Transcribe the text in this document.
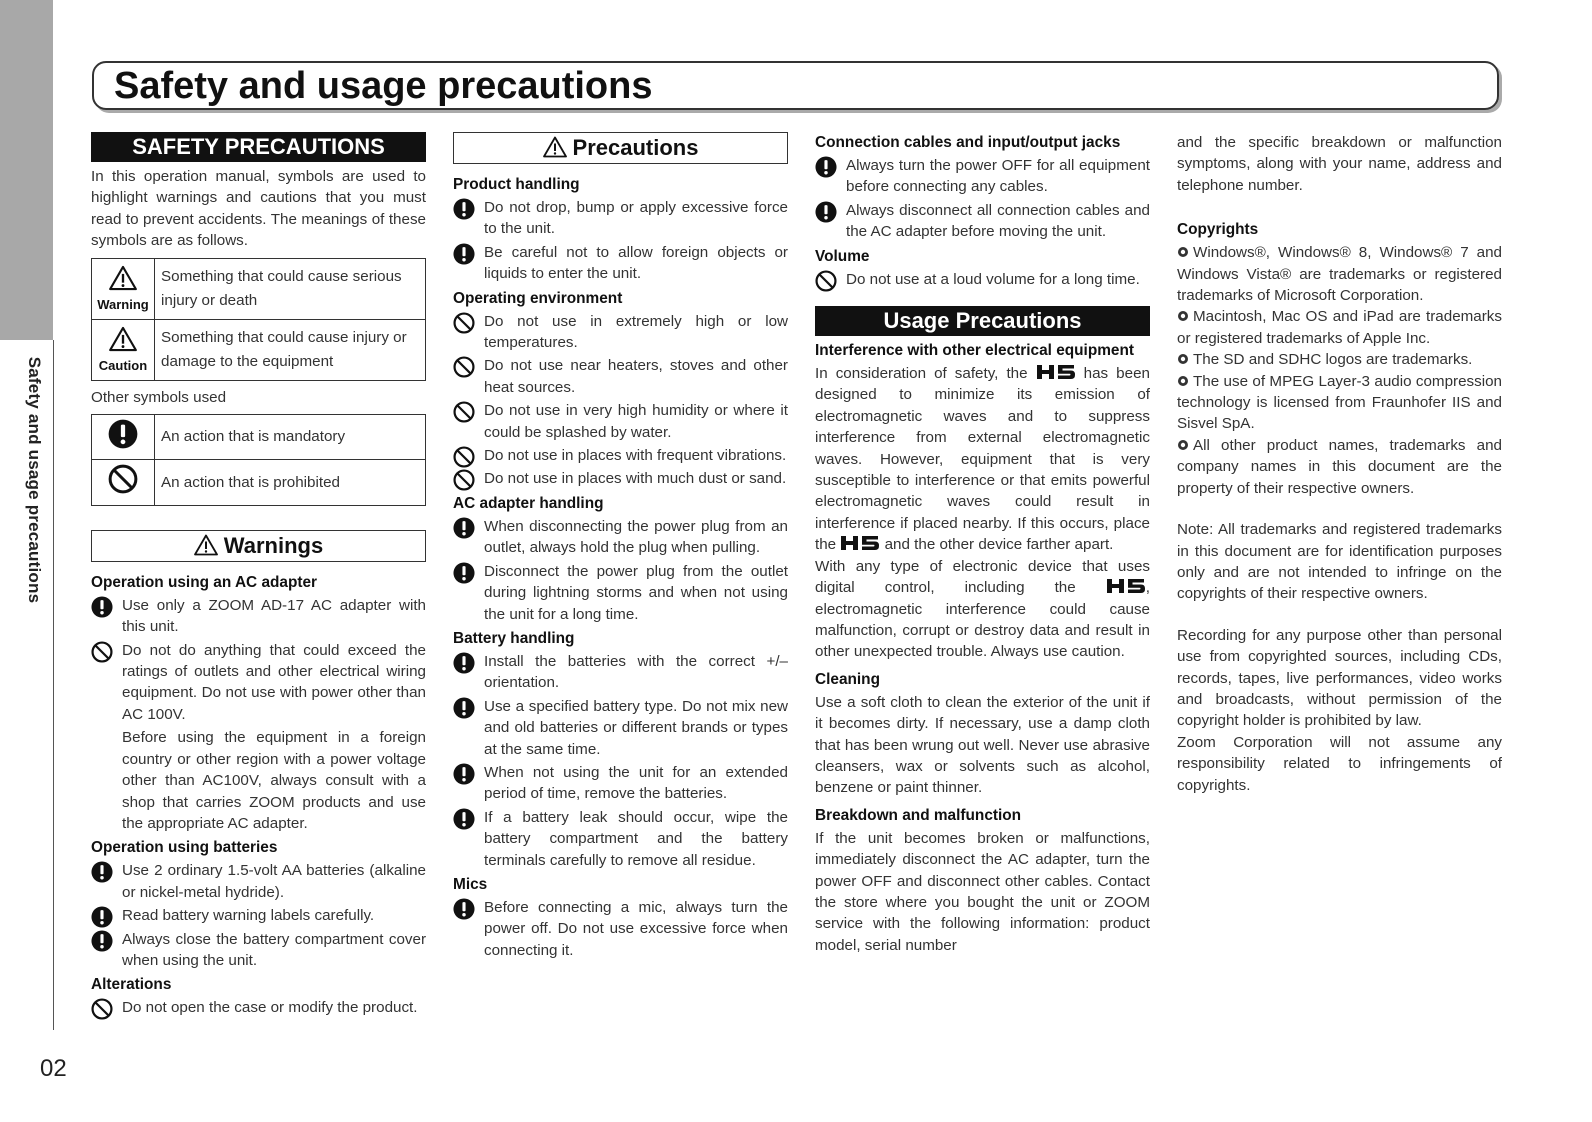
Safety and usage precautions
02
Safety and usage precautions
SAFETY PRECAUTIONS

In this operation manual, symbols are used to highlight warnings and cautions that you must read to prevent accidents. The meanings of these symbols are as follows.

Warning	Something that could cause serious injury or death

Caution	Something that could cause injury or damage to the equipment

Other symbols used

	An action that is mandatory
	An action that is prohibited
Warnings
Operation using an AC adapter
Use only a ZOOM AD-17 AC adapter with this unit.
Do not do anything that could exceed the ratings of outlets and other electrical wiring equipment. Do not use with power other than AC 100V.
Before using the equipment in a foreign country or other region with a power voltage other than AC100V, always consult with a shop that carries ZOOM products and use the appropriate AC adapter.
Operation using batteries
Use 2 ordinary 1.5-volt AA batteries (alkaline or nickel-metal hydride).
Read battery warning labels carefully.
Always close the battery compartment cover when using the unit.
Alterations
Do not open the case or modify the product.
Precautions
Product handling
Do not drop, bump or apply excessive force to the unit.
Be careful not to allow foreign objects or liquids to enter the unit.
Operating environment
Do not use in extremely high or low temperatures.
Do not use near heaters, stoves and other heat sources.
Do not use in very high humidity or where it could be splashed by water.
Do not use in places with frequent vibrations.
Do not use in places with much dust or sand.
AC adapter handling
When disconnecting the power plug from an outlet, always hold the plug when pulling.
Disconnect the power plug from the outlet during lightning storms and when not using the unit for a long time.
Battery handling
Install the batteries with the correct +/– orientation.
Use a specified battery type. Do not mix new and old batteries or different brands or types at the same time.
When not using the unit for an extended period of time, remove the batteries.
If a battery leak should occur, wipe the battery compartment and the battery terminals carefully to remove all residue.
Mics
Before connecting a mic, always turn the power off. Do not use excessive force when connecting it.
Connection cables and input/output jacks
Always turn the power OFF for all equipment before connecting any cables.
Always disconnect all connection cables and the AC adapter before moving the unit.
Volume
Do not use at a loud volume for a long time.
Usage Precautions
Interference with other electrical equipment

In consideration of safety, the	has been designed to minimize its emission of electromagnetic waves and to suppress interference from external electromagnetic waves. However, equipment that is very susceptible to interference or that emits powerful electromagnetic waves could result in interference if placed nearby. If this occurs, place the	and the other device farther apart.

With any type of electronic device that uses digital control, including the	, electromagnetic interference could cause malfunction, corrupt or destroy data and result in other unexpected trouble. Always use caution.

Cleaning

Use a soft cloth to clean the exterior of the unit if it becomes dirty. If necessary, use a damp cloth that has been wrung out well. Never use abrasive cleansers, wax or solvents such as alcohol, benzene or paint thinner.

Breakdown and malfunction

If the unit becomes broken or malfunctions, immediately disconnect the AC adapter, turn the power OFF and disconnect other cables. Contact the store where you bought the unit or ZOOM service with the following information: product model, serial number

and the specific breakdown or malfunction symptoms, along with your name, address and telephone number.

Copyrights

Windows®, Windows® 8, Windows® 7 and Windows Vista® are trademarks or registered trademarks of Microsoft Corporation.

Macintosh, Mac OS and iPad are trademarks or registered trademarks of Apple Inc.

The SD and SDHC logos are trademarks.

The use of MPEG Layer-3 audio compression technology is licensed from Fraunhofer IIS and Sisvel SpA.

All other product names, trademarks and company names in this document are the property of their respective owners.

Note: All trademarks and registered trademarks in this document are for identification purposes only and are not intended to infringe on the copyrights of their respective owners.

Recording for any purpose other than personal use from copyrighted sources, including CDs, records, tapes, live performances, video works and broadcasts, without permission of the copyright holder is prohibited by law.

Zoom Corporation will not assume any responsibility related to infringements of copyrights.
